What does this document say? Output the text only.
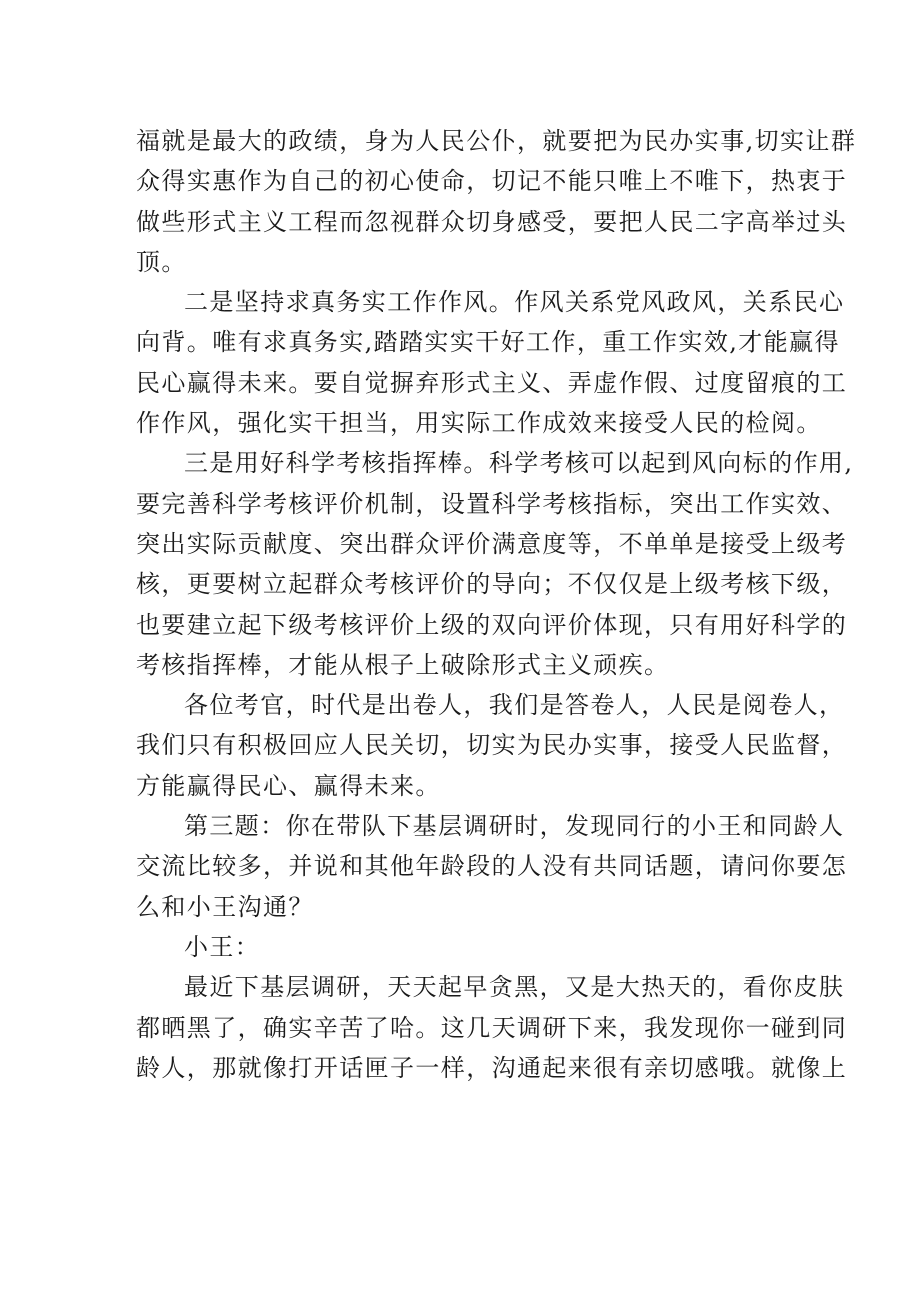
福就是最大的政绩，身为人民公仆，就要把为民办实事,切实让群
众得实惠作为自己的初心使命，切记不能只唯上不唯下，热衷于
做些形式主义工程而忽视群众切身感受，要把人民二字高举过头
顶。

二是坚持求真务实工作作风。作风关系党风政风，关系民心
向背。唯有求真务实,踏踏实实干好工作，重工作实效,才能赢得
民心赢得未来。要自觉摒弃形式主义、弄虚作假、过度留痕的工
作作风，强化实干担当，用实际工作成效来接受人民的检阅。

三是用好科学考核指挥棒。科学考核可以起到风向标的作用,
要完善科学考核评价机制，设置科学考核指标，突出工作实效、
突出实际贡献度、突出群众评价满意度等，不单单是接受上级考
核，更要树立起群众考核评价的导向；不仅仅是上级考核下级，
也要建立起下级考核评价上级的双向评价体现，只有用好科学的
考核指挥棒，才能从根子上破除形式主义顽疾。

各位考官，时代是出卷人，我们是答卷人，人民是阅卷人，
我们只有积极回应人民关切，切实为民办实事，接受人民监督，
方能赢得民心、赢得未来。

第三题：你在带队下基层调研时，发现同行的小王和同龄人
交流比较多，并说和其他年龄段的人没有共同话题，请问你要怎
么和小王沟通？

小王：

最近下基层调研，天天起早贪黑，又是大热天的，看你皮肤
都晒黑了，确实辛苦了哈。这几天调研下来，我发现你一碰到同
龄人，那就像打开话匣子一样，沟通起来很有亲切感哦。就像上
